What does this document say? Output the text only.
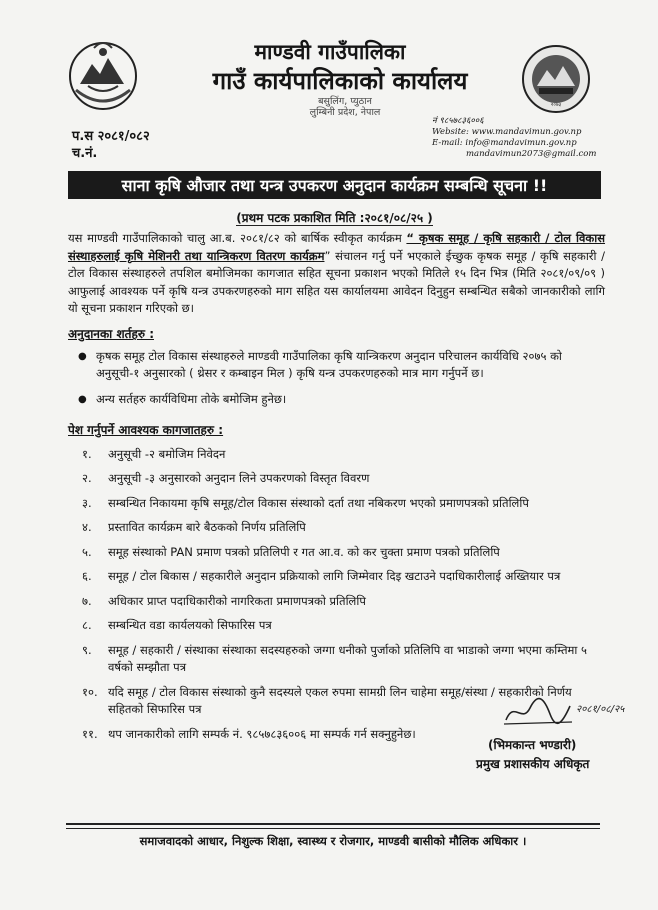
२०७३
माण्डवी गाउँपालिका
गाउँ कार्यपालिकाको कार्यालय
बसुलिंग, प्युठान
लुम्बिनी प्रदेश, नेपाल
प.स २०८१/०८२
च.नं.
नं ९८५७८३६००६
Website: www.mandavimun.gov.np
E-mail: info@mandavimun.gov.np
mandavimun2073@gmail.com
साना कृषि औजार तथा यन्त्र उपकरण अनुदान कार्यक्रम सम्बन्धि सूचना !!
(प्रथम पटक प्रकाशित मिति :२०८१/०८/२५ )
यस माण्डवी गाउँपालिकाको चालु आ.ब. २०८१/८२ को बार्षिक स्वीकृत कार्यक्रम “ कृषक समूह / कृषि सहकारी / टोल विकास संस्थाहरुलाई कृषि मेशिनरी तथा यान्त्रिकरण वितरण कार्यक्रम” संचालन गर्नु पर्ने भएकाले ईच्छुक कृषक समूह / कृषि सहकारी / टोल विकास संस्थाहरुले तपशिल बमोजिमका कागजात सहित सूचना प्रकाशन भएको मितिले १५ दिन भित्र (मिति २०८१/०९/०९ ) आफुलाई आवश्यक पर्ने कृषि यन्त्र उपकरणहरुको माग सहित यस कार्यालयमा आवेदन दिनुहुन सम्बन्धित सबैको जानकारीको लागि यो सूचना प्रकाशन गरिएको छ।
अनुदानका शर्तहरु :
● कृषक समूह टोल विकास संस्थाहरुले माण्डवी गाउँपालिका कृषि यान्त्रिकरण अनुदान परिचालन कार्यविधि २०७५ को अनुसूची-१ अनुसारको ( थ्रेसर र कम्बाइन मिल ) कृषि यन्त्र उपकरणहरुको मात्र माग गर्नुपर्ने छ।
● अन्य सर्तहरु कार्यविधिमा तोके बमोजिम हुनेछ।
पेश गर्नुपर्ने आवश्यक कागजातहरु :
१.	अनुसूची -२ बमोजिम निवेदन
२.	अनुसूची -३ अनुसारको अनुदान लिने उपकरणको विस्तृत विवरण
३.	सम्बन्धित निकायमा कृषि समूह/टोल विकास संस्थाको दर्ता तथा नबिकरण भएको प्रमाणपत्रको प्रतिलिपि
४.	प्रस्तावित कार्यक्रम बारे बैठकको निर्णय प्रतिलिपि
५.	समूह संस्थाको PAN प्रमाण पत्रको प्रतिलिपी र गत आ.व. को कर चुक्ता प्रमाण पत्रको प्रतिलिपि
६.	समूह / टोल बिकास / सहकारीले अनुदान प्रक्रियाको लागि जिम्मेवार दिइ खटाउने पदाधिकारीलाई अख्तियार पत्र
७.	अधिकार प्राप्त पदाधिकारीको नागरिकता प्रमाणपत्रको प्रतिलिपि
८.	सम्बन्धित वडा कार्यलयको सिफारिस पत्र
९.	समूह / सहकारी / संस्थाका संस्थाका सदस्यहरुको जग्गा धनीको पुर्जाको प्रतिलिपि वा भाडाको जग्गा भएमा कम्तिमा ५ वर्षको सम्झौता पत्र
१०. यदि समूह / टोल विकास संस्थाको कुनै सदस्यले एकल रुपमा सामग्री लिन चाहेमा समूह/संस्था / सहकारीको निर्णय सहितको सिफारिस पत्र
११. थप जानकारीको लागि सम्पर्क नं. ९८५७८३६००६ मा सम्पर्क गर्न सक्नुहुनेछ।
२०८१/०८/२५
(भिमकान्त भण्डारी)
प्रमुख प्रशासकीय अधिकृत
समाजवादको आधार, निशुल्क शिक्षा, स्वास्थ्य र रोजगार, माण्डवी बासीको मौलिक अधिकार ।
